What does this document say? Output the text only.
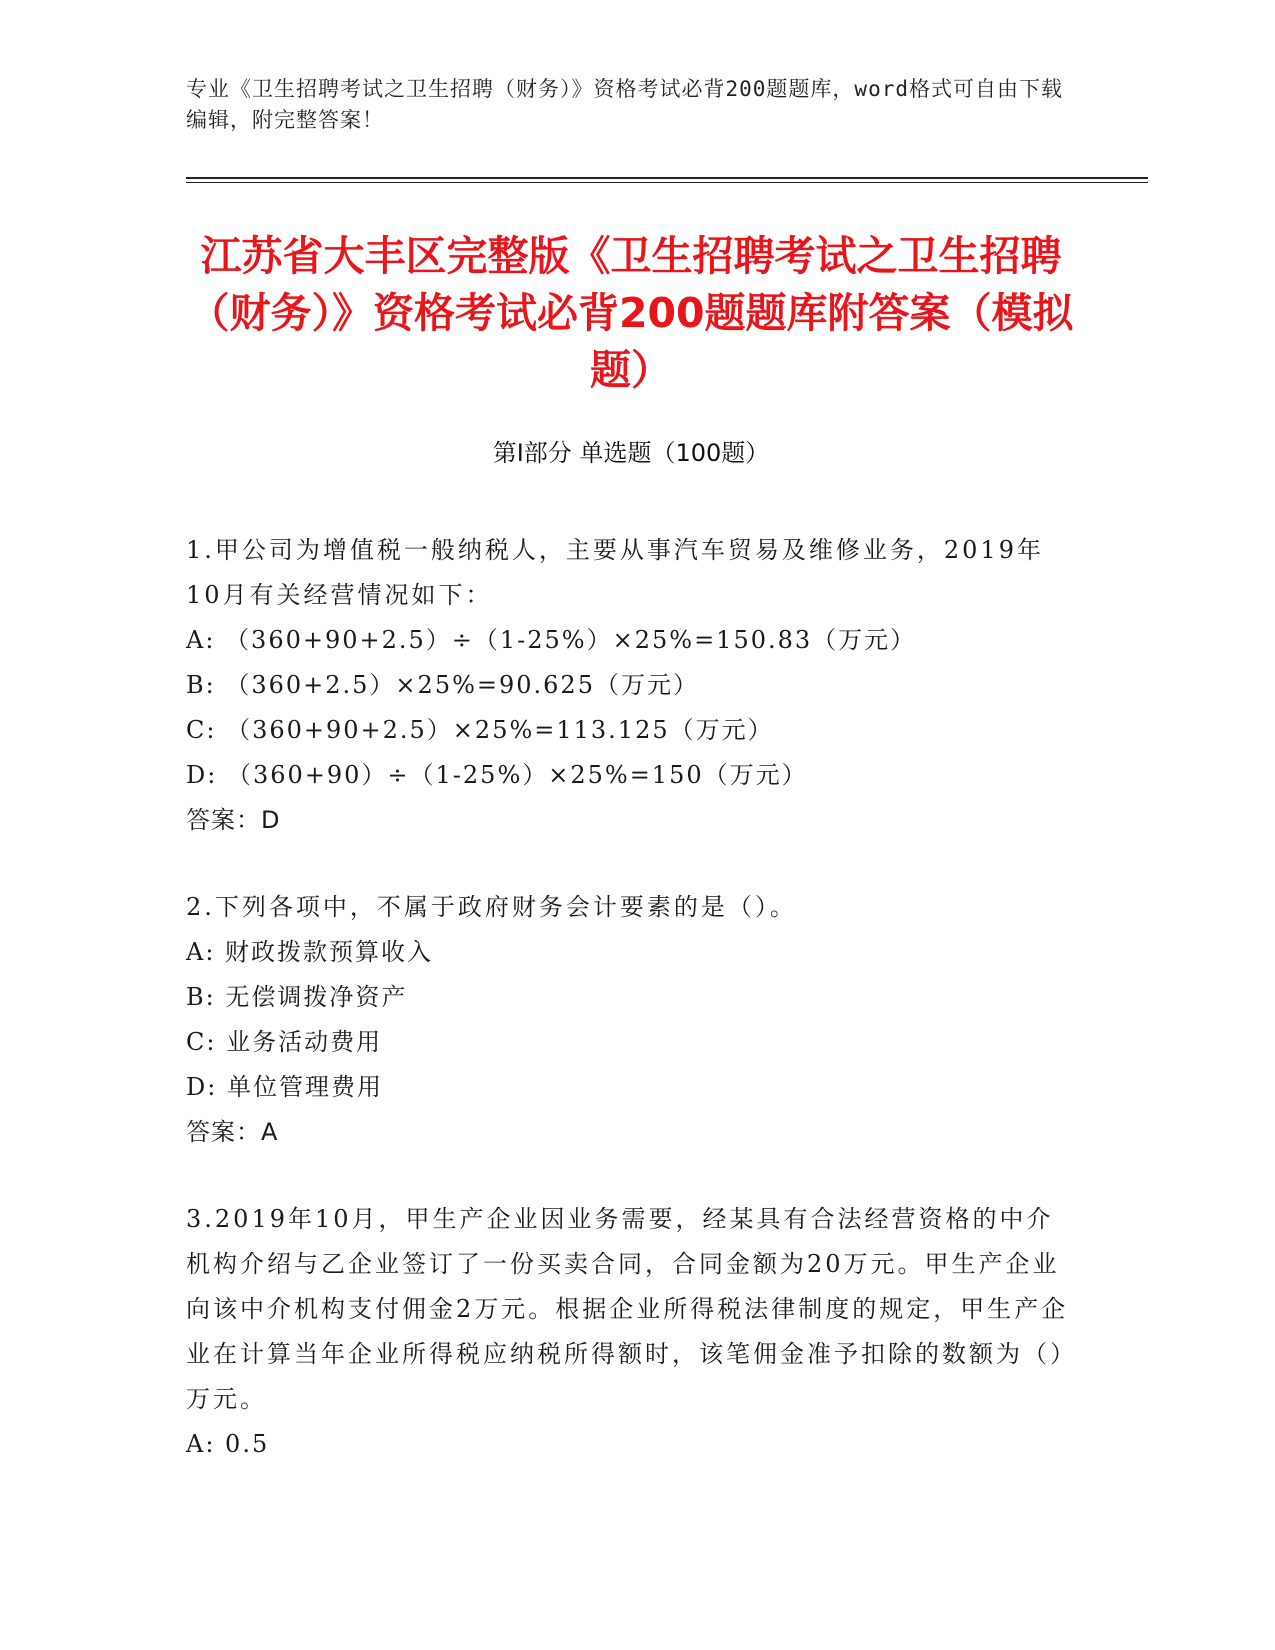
专业《卫生招聘考试之卫生招聘（财务）》资格考试必背200题题库，word格式可自由下载编辑，附完整答案！
江苏省大丰区完整版《卫生招聘考试之卫生招聘（财务）》资格考试必背200题题库附答案（模拟题）
第Ⅰ部分 单选题（100题）

1.甲公司为增值税一般纳税人，主要从事汽车贸易及维修业务，2019年10月有关经营情况如下：

A: （360+90+2.5）÷（1-25%）×25%=150.83（万元）

B: （360+2.5）×25%=90.625（万元）

C: （360+90+2.5）×25%=113.125（万元）

D: （360+90）÷（1-25%）×25%=150（万元）

答案：D

2.下列各项中，不属于政府财务会计要素的是（）。

A: 财政拨款预算收入

B: 无偿调拨净资产

C: 业务活动费用

D: 单位管理费用

答案：A

3.2019年10月，甲生产企业因业务需要，经某具有合法经营资格的中介机构介绍与乙企业签订了一份买卖合同，合同金额为20万元。甲生产企业向该中介机构支付佣金2万元。根据企业所得税法律制度的规定，甲生产企业在计算当年企业所得税应纳税所得额时，该笔佣金准予扣除的数额为（）万元。

A: 0.5
